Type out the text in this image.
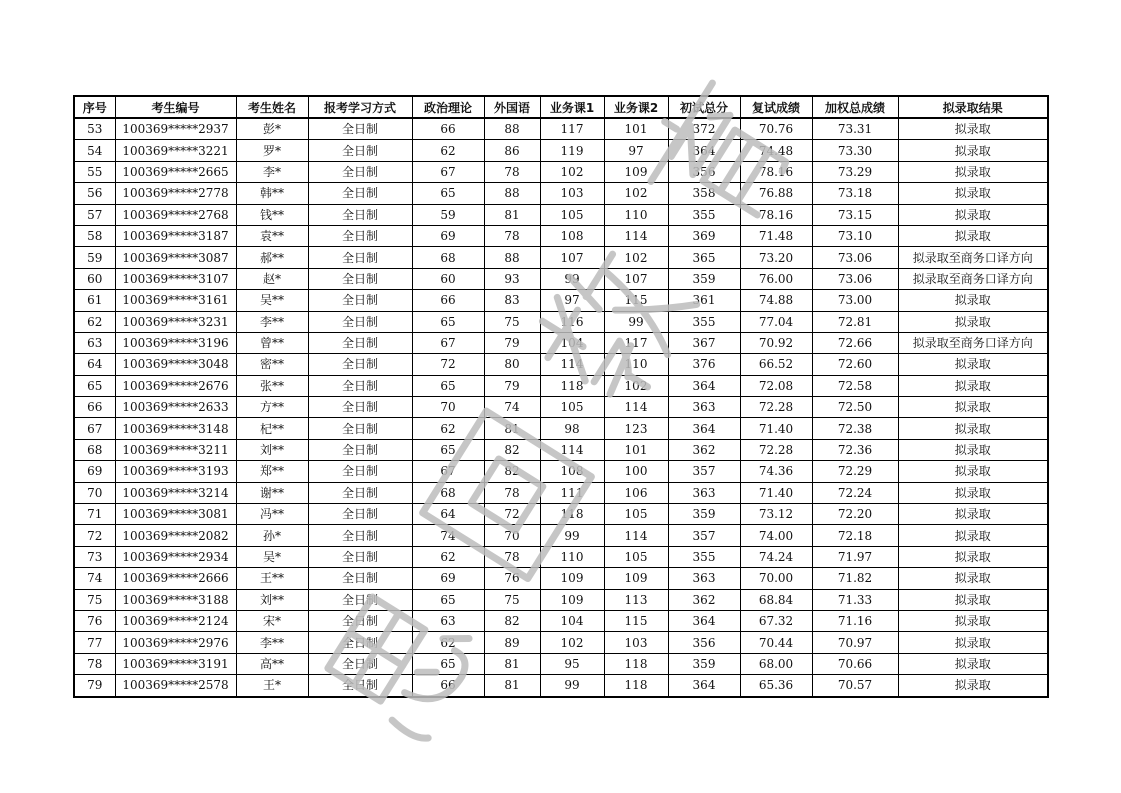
序号	考生编号	考生姓名	报考学习方式	政治理论	外国语	业务课1	业务课2	初试总分	复试成绩	加权总成绩	拟录取结果
53	100369*****2937	彭*	全日制	66	88	117	101	372	70.76	73.31	拟录取
54	100369*****3221	罗*	全日制	62	86	119	97	364	74.48	73.30	拟录取
55	100369*****2665	李*	全日制	67	78	102	109	356	78.16	73.29	拟录取
56	100369*****2778	韩**	全日制	65	88	103	102	358	76.88	73.18	拟录取
57	100369*****2768	钱**	全日制	59	81	105	110	355	78.16	73.15	拟录取
58	100369*****3187	袁**	全日制	69	78	108	114	369	71.48	73.10	拟录取
59	100369*****3087	郝**	全日制	68	88	107	102	365	73.20	73.06	拟录取至商务口译方向
60	100369*****3107	赵*	全日制	60	93	99	107	359	76.00	73.06	拟录取至商务口译方向
61	100369*****3161	吴**	全日制	66	83	97	115	361	74.88	73.00	拟录取
62	100369*****3231	李**	全日制	65	75	116	99	355	77.04	72.81	拟录取
63	100369*****3196	曾**	全日制	67	79	104	117	367	70.92	72.66	拟录取至商务口译方向
64	100369*****3048	密**	全日制	72	80	114	110	376	66.52	72.60	拟录取
65	100369*****2676	张**	全日制	65	79	118	102	364	72.08	72.58	拟录取
66	100369*****2633	方**	全日制	70	74	105	114	363	72.28	72.50	拟录取
67	100369*****3148	杞**	全日制	62	81	98	123	364	71.40	72.38	拟录取
68	100369*****3211	刘**	全日制	65	82	114	101	362	72.28	72.36	拟录取
69	100369*****3193	郑**	全日制	67	82	108	100	357	74.36	72.29	拟录取
70	100369*****3214	谢**	全日制	68	78	111	106	363	71.40	72.24	拟录取
71	100369*****3081	冯**	全日制	64	72	118	105	359	73.12	72.20	拟录取
72	100369*****2082	孙*	全日制	74	70	99	114	357	74.00	72.18	拟录取
73	100369*****2934	吴*	全日制	62	78	110	105	355	74.24	71.97	拟录取
74	100369*****2666	王**	全日制	69	76	109	109	363	70.00	71.82	拟录取
75	100369*****3188	刘**	全日制	65	75	109	113	362	68.84	71.33	拟录取
76	100369*****2124	宋*	全日制	63	82	104	115	364	67.32	71.16	拟录取
77	100369*****2976	李**	全日制	62	89	102	103	356	70.44	70.97	拟录取
78	100369*****3191	高**	全日制	65	81	95	118	359	68.00	70.66	拟录取
79	100369*****2578	王*	全日制	66	81	99	118	364	65.36	70.57	拟录取
